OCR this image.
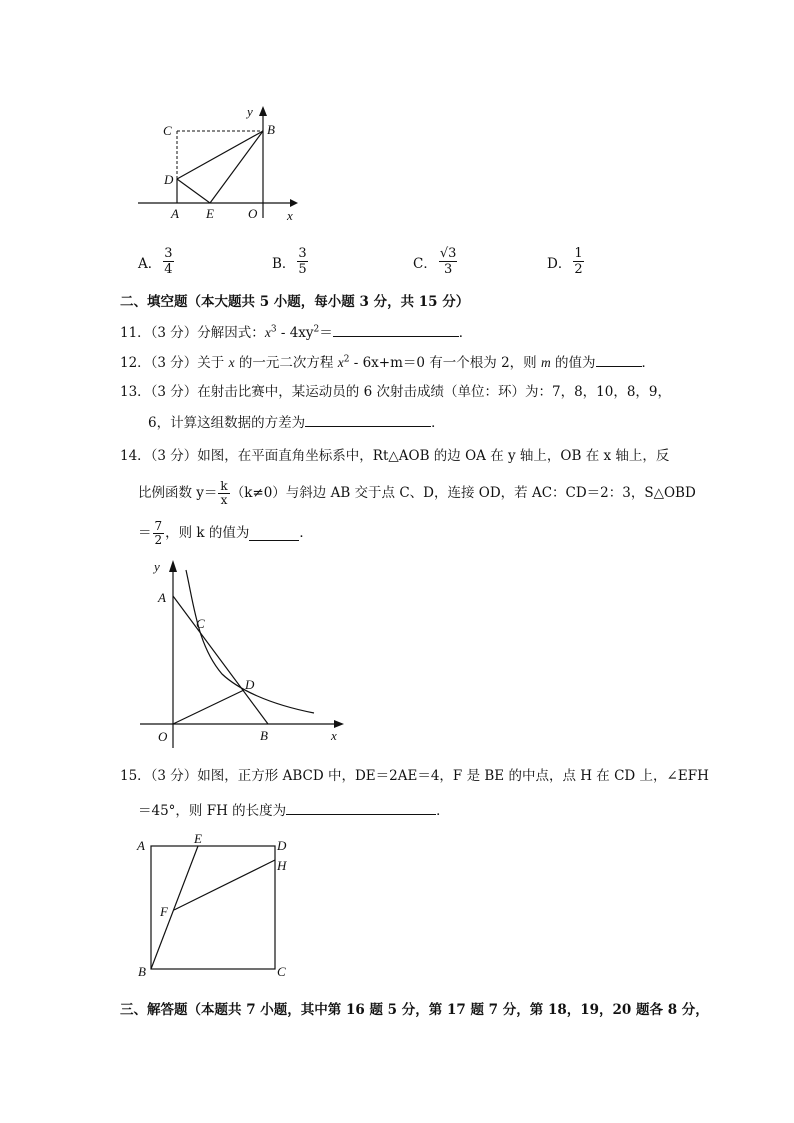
y
B
C
D
A E	O x
A． $\frac{3}{4}$	B． $\frac{3}{5}$	C． $\frac{√3}{3}$	D． $\frac{1}{2}$
二、填空题（本大题共 5 小题，每小题 3 分，共 15 分）
11．（3 分）分解因式：$x^3 - 4xy^2=$	．
12．（3 分）关于 x 的一元二次方程 $x^2 - 6x+m=0$ 有一个根为 2，则 m 的值为	．
13．（3 分）在射击比赛中，某运动员的 6 次射击成绩（单位：环）为：7，8，10，8，9，
6，计算这组数据的方差为	．
14．（3 分）如图，在平面直角坐标系中，Rt△AOB 的边 OA 在 y 轴上，OB 在 x 轴上，反
比例函数 $y= \frac{k}{x} (k\ne 0)$与斜边 AB 交于点 C、D，连接 OD，若 AC：CD＝2：3，S△OBD
＝ $\frac{7}{2}$ ，则 k 的值为	．
y
A
C
D
O	B	x
15．（3 分）如图，正方形 ABCD 中，DE＝2AE＝4，F 是 BE 的中点，点 H 在 CD 上，∠EFH
＝45°，则 FH 的长度为	．
A	E	D
H
F
B	C
三、解答题（本题共 7 小题，其中第 16 题 5 分，第 17 题 7 分，第 18，19，20 题各 8 分，
